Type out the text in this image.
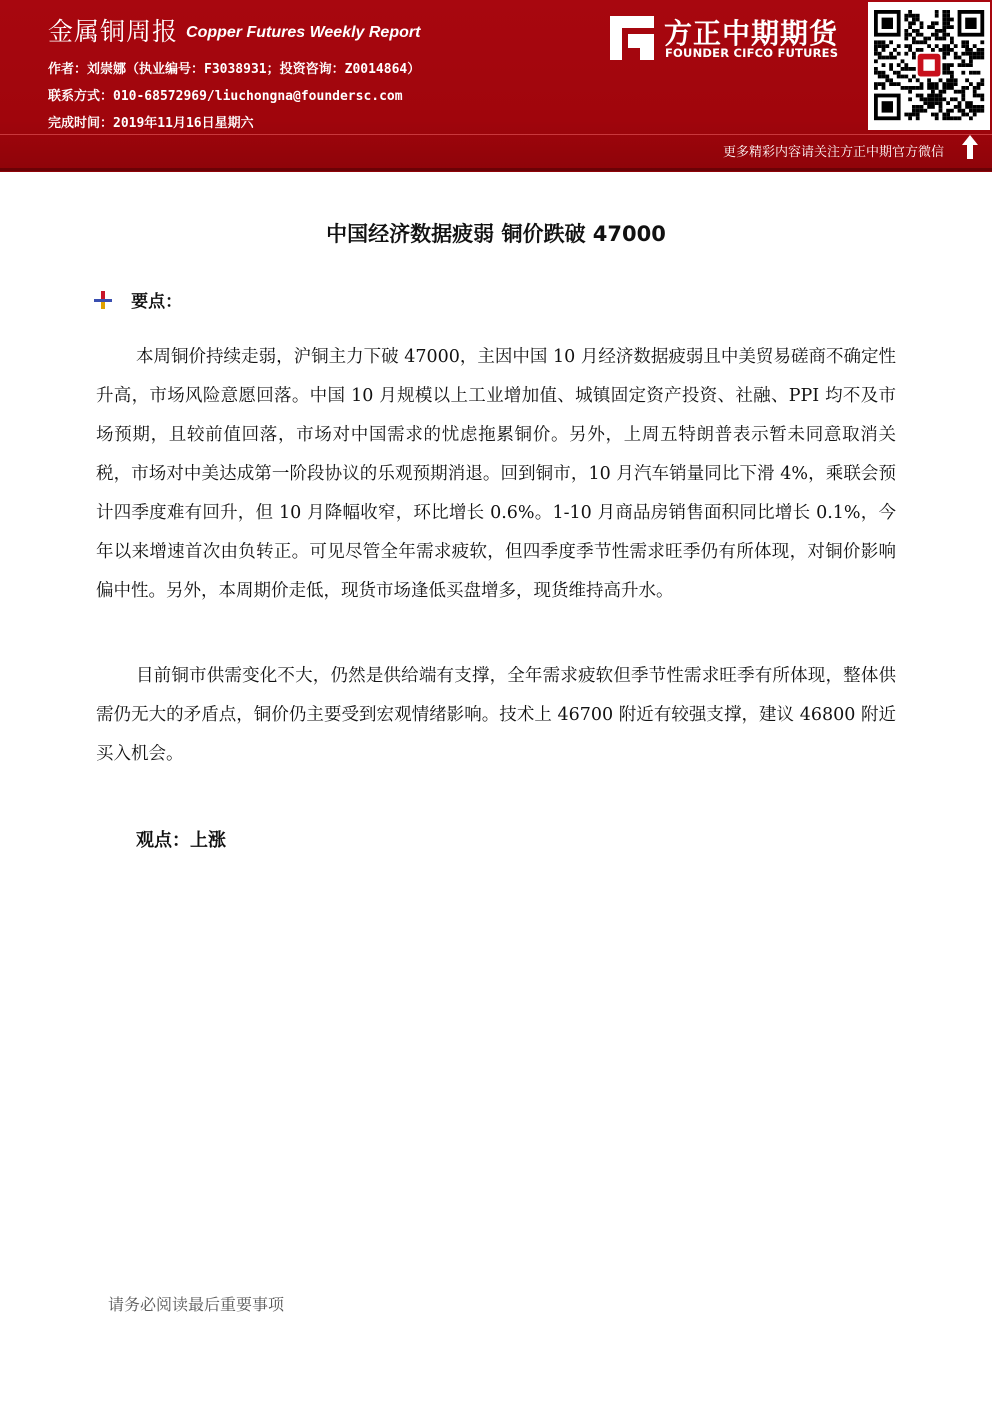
金属铜周报 Copper Futures Weekly Report
作者：刘崇娜（执业编号：F3038931；投资咨询：Z0014864）
联系方式：010-68572969/liuchongna@foundersc.com
完成时间：2019年11月16日星期六
方正中期期货
FOUNDER CIFCO FUTURES
更多精彩内容请关注方正中期官方微信
中国经济数据疲弱 铜价跌破 47000
要点：

本周铜价持续走弱，沪铜主力下破 47000，主因中国 10 月经济数据疲弱且中美贸易磋商不确定性升高，市场风险意愿回落。中国 10 月规模以上工业增加值、城镇固定资产投资、社融、PPI 均不及市场预期，且较前值回落，市场对中国需求的忧虑拖累铜价。另外，上周五特朗普表示暂未同意取消关税，市场对中美达成第一阶段协议的乐观预期消退。回到铜市，10 月汽车销量同比下滑 4%，乘联会预计四季度难有回升，但 10 月降幅收窄，环比增长 0.6%。1-10 月商品房销售面积同比增长 0.1%，今年以来增速首次由负转正。可见尽管全年需求疲软，但四季度季节性需求旺季仍有所体现，对铜价影响偏中性。另外，本周期价走低，现货市场逢低买盘增多，现货维持高升水。

目前铜市供需变化不大，仍然是供给端有支撑，全年需求疲软但季节性需求旺季有所体现，整体供需仍无大的矛盾点，铜价仍主要受到宏观情绪影响。技术上 46700 附近有较强支撑，建议 46800 附近买入机会。

观点：上涨
请务必阅读最后重要事项
